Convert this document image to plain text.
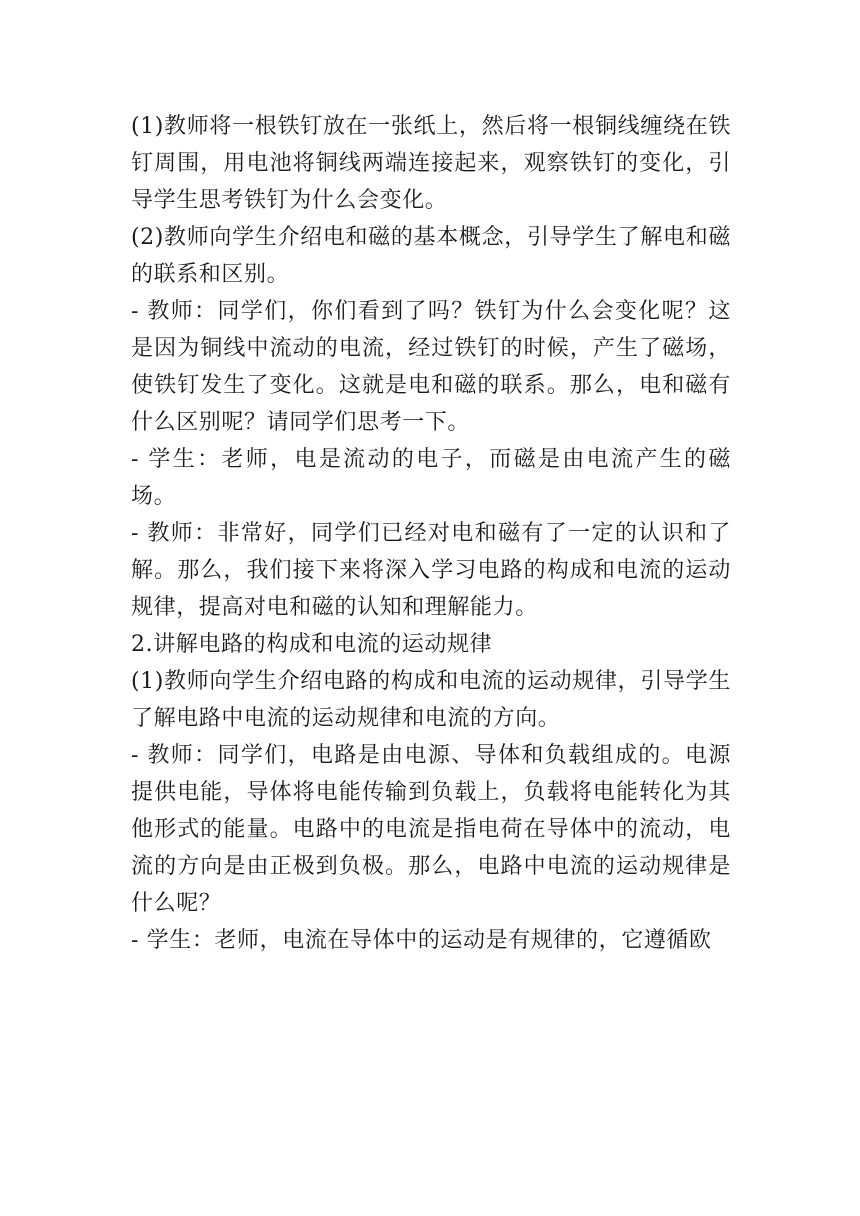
(1)教师将一根铁钉放在一张纸上，然后将一根铜线缠绕在铁钉周围，用电池将铜线两端连接起来，观察铁钉的变化，引导学生思考铁钉为什么会变化。

(2)教师向学生介绍电和磁的基本概念，引导学生了解电和磁的联系和区别。

- 教师：同学们，你们看到了吗？铁钉为什么会变化呢？这是因为铜线中流动的电流，经过铁钉的时候，产生了磁场，使铁钉发生了变化。这就是电和磁的联系。那么，电和磁有什么区别呢？请同学们思考一下。

- 学生：老师，电是流动的电子，而磁是由电流产生的磁场。

- 教师：非常好，同学们已经对电和磁有了一定的认识和了解。那么，我们接下来将深入学习电路的构成和电流的运动规律，提高对电和磁的认知和理解能力。

2.讲解电路的构成和电流的运动规律

(1)教师向学生介绍电路的构成和电流的运动规律，引导学生了解电路中电流的运动规律和电流的方向。

- 教师：同学们，电路是由电源、导体和负载组成的。电源提供电能，导体将电能传输到负载上，负载将电能转化为其他形式的能量。电路中的电流是指电荷在导体中的流动，电流的方向是由正极到负极。那么，电路中电流的运动规律是什么呢？

- 学生：老师，电流在导体中的运动是有规律的，它遵循欧
